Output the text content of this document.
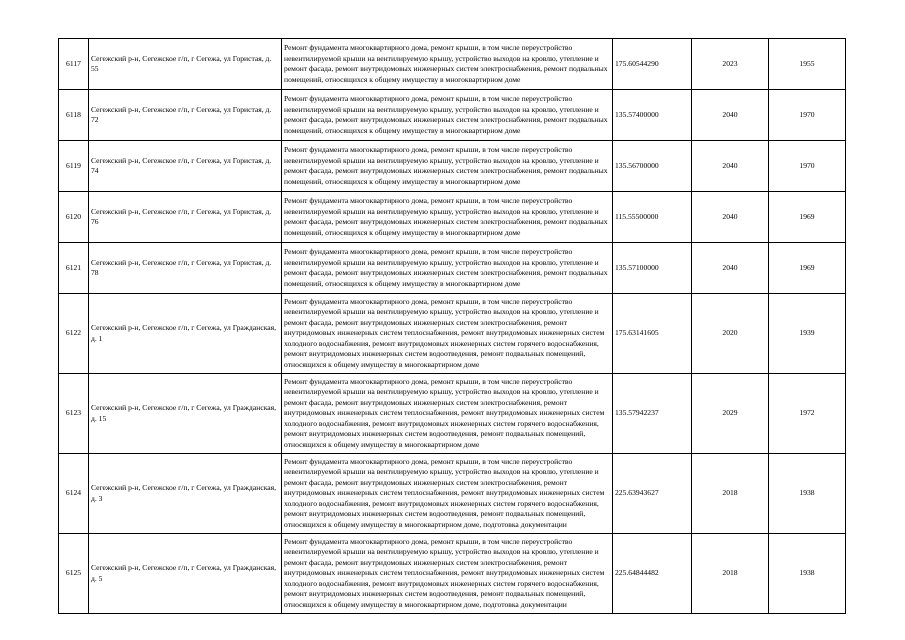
6117	Сегежский р-н, Сегежское г/п, г Сегежа, ул Гористая, д. 55	Ремонт фундамента многоквартирного дома, ремонт крыши, в том числе переустройство невентилируемой крыши на вентилируемую крышу, устройство выходов на кровлю, утепление и ремонт фасада, ремонт внутридомовых инженерных систем электроснабжения, ремонт подвальных помещений, относящихся к общему имуществу в многоквартирном доме	175.60544290	2023	1955
6118	Сегежский р-н, Сегежское г/п, г Сегежа, ул Гористая, д. 72	Ремонт фундамента многоквартирного дома, ремонт крыши, в том числе переустройство невентилируемой крыши на вентилируемую крышу, устройство выходов на кровлю, утепление и ремонт фасада, ремонт внутридомовых инженерных систем электроснабжения, ремонт подвальных помещений, относящихся к общему имуществу в многоквартирном доме	135.57400000	2040	1970
6119	Сегежский р-н, Сегежское г/п, г Сегежа, ул Гористая, д. 74	Ремонт фундамента многоквартирного дома, ремонт крыши, в том числе переустройство невентилируемой крыши на вентилируемую крышу, устройство выходов на кровлю, утепление и ремонт фасада, ремонт внутридомовых инженерных систем электроснабжения, ремонт подвальных помещений, относящихся к общему имуществу в многоквартирном доме	135.56700000	2040	1970
6120	Сегежский р-н, Сегежское г/п, г Сегежа, ул Гористая, д. 76	Ремонт фундамента многоквартирного дома, ремонт крыши, в том числе переустройство невентилируемой крыши на вентилируемую крышу, устройство выходов на кровлю, утепление и ремонт фасада, ремонт внутридомовых инженерных систем электроснабжения, ремонт подвальных помещений, относящихся к общему имуществу в многоквартирном доме	115.55500000	2040	1969
6121	Сегежский р-н, Сегежское г/п, г Сегежа, ул Гористая, д. 78	Ремонт фундамента многоквартирного дома, ремонт крыши, в том числе переустройство невентилируемой крыши на вентилируемую крышу, устройство выходов на кровлю, утепление и ремонт фасада, ремонт внутридомовых инженерных систем электроснабжения, ремонт подвальных помещений, относящихся к общему имуществу в многоквартирном доме	135.57100000	2040	1969
6122	Сегежский р-н, Сегежское г/п, г Сегежа, ул Гражданская, д. 1	Ремонт фундамента многоквартирного дома, ремонт крыши, в том числе переустройство невентилируемой крыши на вентилируемую крышу, устройство выходов на кровлю, утепление и ремонт фасада, ремонт внутридомовых инженерных систем электроснабжения, ремонт внутридомовых инженерных систем теплоснабжения, ремонт внутридомовых инженерных систем холодного водоснабжения, ремонт внутридомовых инженерных систем горячего водоснабжения, ремонт внутридомовых инженерных систем водоотведения, ремонт подвальных помещений, относящихся к общему имуществу в многоквартирном доме	175.63141605	2020	1939
6123	Сегежский р-н, Сегежское г/п, г Сегежа, ул Гражданская, д. 15	Ремонт фундамента многоквартирного дома, ремонт крыши, в том числе переустройство невентилируемой крыши на вентилируемую крышу, устройство выходов на кровлю, утепление и ремонт фасада, ремонт внутридомовых инженерных систем электроснабжения, ремонт внутридомовых инженерных систем теплоснабжения, ремонт внутридомовых инженерных систем холодного водоснабжения, ремонт внутридомовых инженерных систем горячего водоснабжения, ремонт внутридомовых инженерных систем водоотведения, ремонт подвальных помещений, относящихся к общему имуществу в многоквартирном доме	135.57942237	2029	1972
6124	Сегежский р-н, Сегежское г/п, г Сегежа, ул Гражданская, д. 3	Ремонт фундамента многоквартирного дома, ремонт крыши, в том числе переустройство невентилируемой крыши на вентилируемую крышу, устройство выходов на кровлю, утепление и ремонт фасада, ремонт внутридомовых инженерных систем электроснабжения, ремонт внутридомовых инженерных систем теплоснабжения, ремонт внутридомовых инженерных систем холодного водоснабжения, ремонт внутридомовых инженерных систем горячего водоснабжения, ремонт внутридомовых инженерных систем водоотведения, ремонт подвальных помещений, относящихся к общему имуществу в многоквартирном доме, подготовка документации	225.63943627	2018	1938
6125	Сегежский р-н, Сегежское г/п, г Сегежа, ул Гражданская, д. 5	Ремонт фундамента многоквартирного дома, ремонт крыши, в том числе переустройство невентилируемой крыши на вентилируемую крышу, устройство выходов на кровлю, утепление и ремонт фасада, ремонт внутридомовых инженерных систем электроснабжения, ремонт внутридомовых инженерных систем теплоснабжения, ремонт внутридомовых инженерных систем холодного водоснабжения, ремонт внутридомовых инженерных систем горячего водоснабжения, ремонт внутридомовых инженерных систем водоотведения, ремонт подвальных помещений, относящихся к общему имуществу в многоквартирном доме, подготовка документации	225.64844482	2018	1938
